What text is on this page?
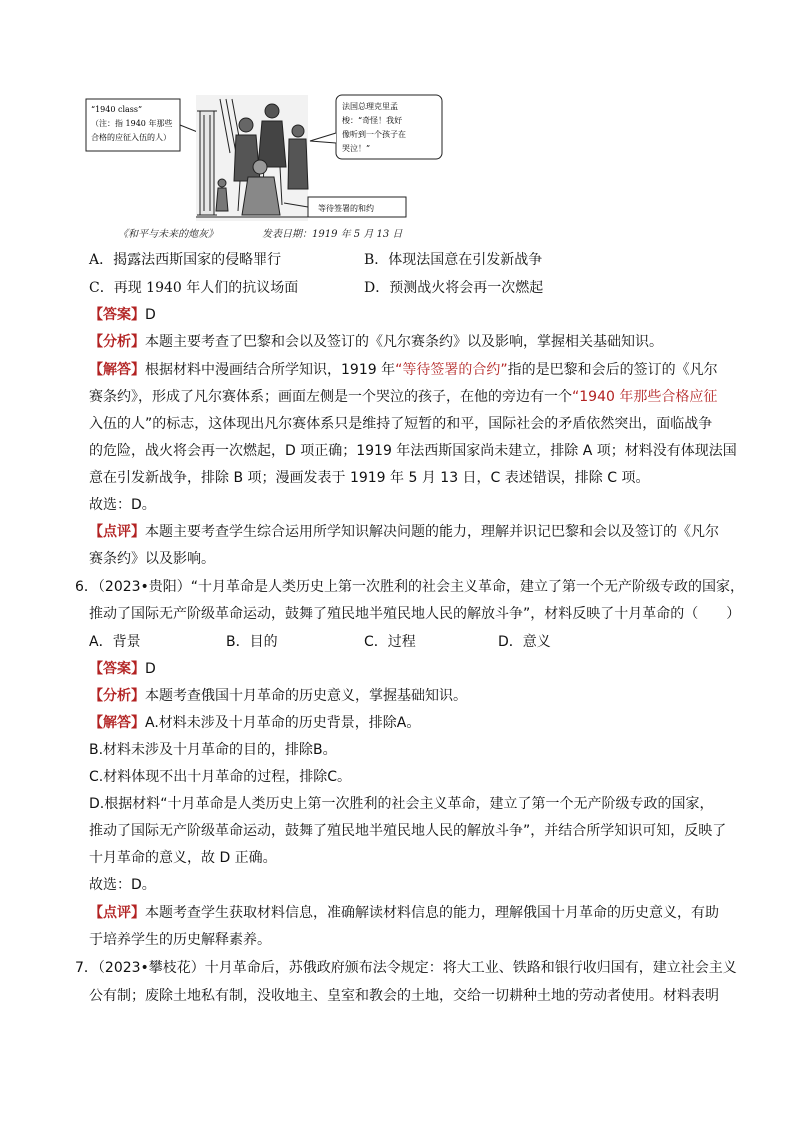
“1940 class”
（注：指 1940 年那些
合格的应征入伍的人）
法国总理克里孟
梭：“奇怪！我好
像听到一个孩子在
哭泣！”
等待签署的和约
《和平与未来的炮灰》	发表日期：1919 年 5 月 13 日
A．揭露法西斯国家的侵略罪行	B．体现法国意在引发新战争
C．再现 1940 年人们的抗议场面	D．预测战火将会再一次燃起
【答案】D
【分析】本题主要考查了巴黎和会以及签订的《凡尔赛条约》以及影响，掌握相关基础知识。
【解答】根据材料中漫画结合所学知识，1919 年“等待签署的合约”指的是巴黎和会后的签订的《凡尔
赛条约》，形成了凡尔赛体系；画面左侧是一个哭泣的孩子，在他的旁边有一个“1940 年那些合格应征
入伍的人”的标志，这体现出凡尔赛体系只是维持了短暂的和平，国际社会的矛盾依然突出，面临战争
的危险，战火将会再一次燃起，D 项正确；1919 年法西斯国家尚未建立，排除 A 项；材料没有体现法国
意在引发新战争，排除 B 项；漫画发表于 1919 年 5 月 13 日，C 表述错误，排除 C 项。
故选：D。
【点评】本题主要考查学生综合运用所学知识解决问题的能力，理解并识记巴黎和会以及签订的《凡尔
赛条约》以及影响。
6．（2023•贵阳）“十月革命是人类历史上第一次胜利的社会主义革命，建立了第一个无产阶级专政的国家，
推动了国际无产阶级革命运动，鼓舞了殖民地半殖民地人民的解放斗争”，材料反映了十月革命的（　　）
A．背景	B．目的	C．过程	D．意义
【答案】D
【分析】本题考查俄国十月革命的历史意义，掌握基础知识。
【解答】A.材料未涉及十月革命的历史背景，排除A。
B.材料未涉及十月革命的目的，排除B。
C.材料体现不出十月革命的过程，排除C。
D.根据材料“十月革命是人类历史上第一次胜利的社会主义革命，建立了第一个无产阶级专政的国家，
推动了国际无产阶级革命运动，鼓舞了殖民地半殖民地人民的解放斗争”，并结合所学知识可知，反映了
十月革命的意义，故 D 正确。
故选：D。
【点评】本题考查学生获取材料信息，准确解读材料信息的能力，理解俄国十月革命的历史意义，有助
于培养学生的历史解释素养。
7．（2023•攀枝花）十月革命后，苏俄政府颁布法令规定：将大工业、铁路和银行收归国有，建立社会主义
公有制；废除土地私有制，没收地主、皇室和教会的土地，交给一切耕种土地的劳动者使用。材料表明
